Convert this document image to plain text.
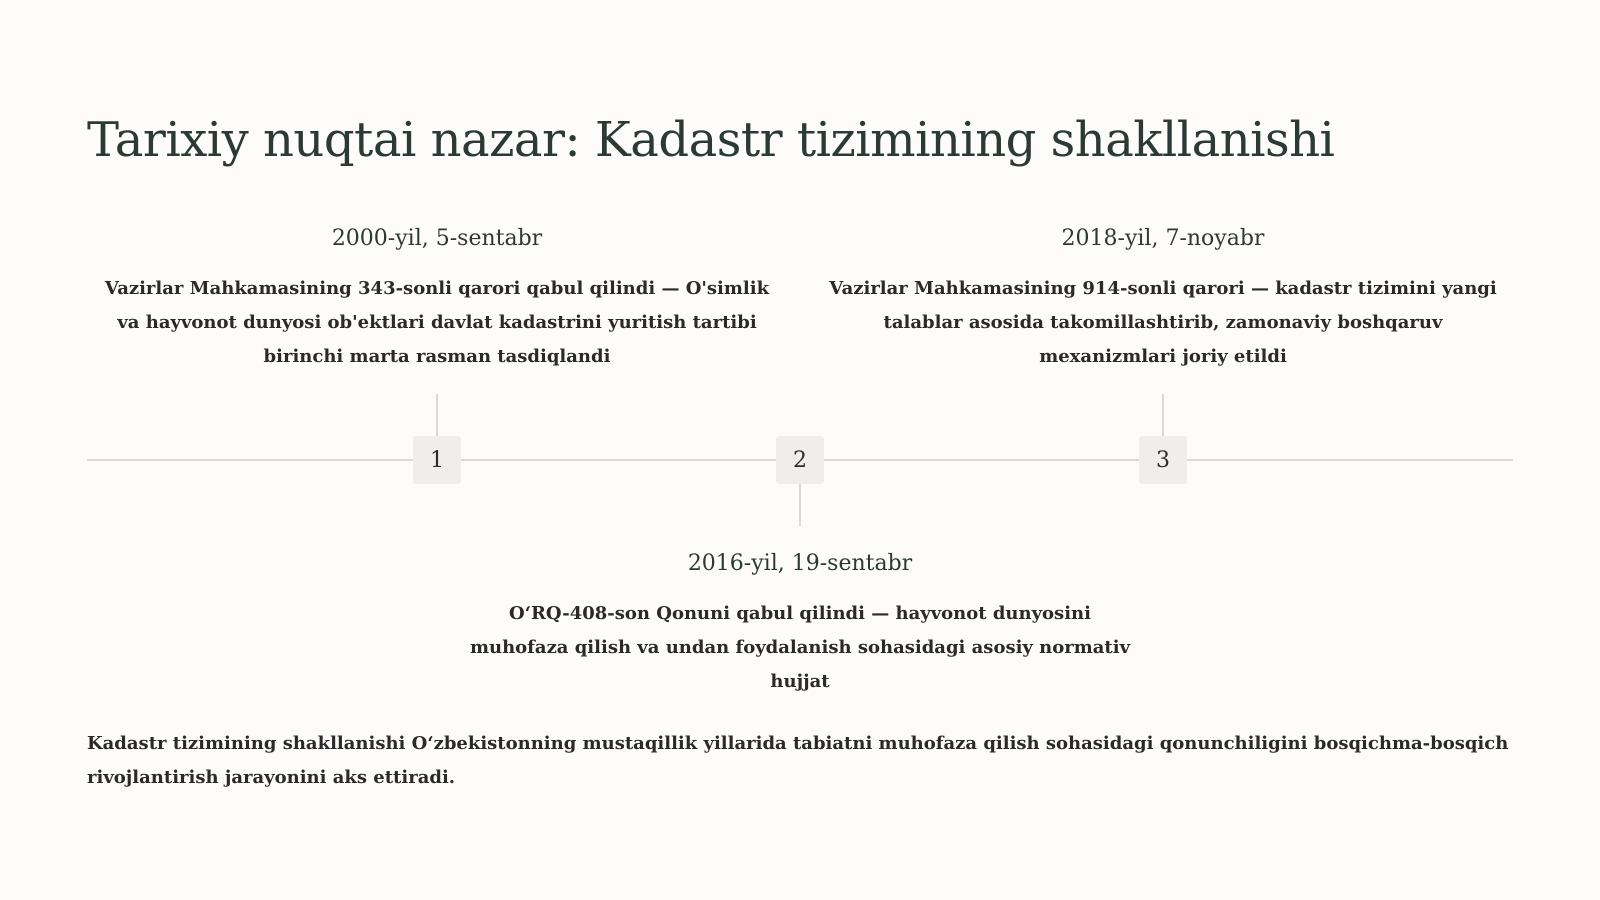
Tarixiy nuqtai nazar: Kadastr tizimining shakllanishi
1	2	3
2000-yil, 5-sentabr
Vazirlar Mahkamasining 343-sonli qarori qabul qilindi — O'simlik va hayvonot dunyosi ob'ektlari davlat kadastrini yuritish tartibi birinchi marta rasman tasdiqlandi
2016-yil, 19-sentabr
O‘RQ-408-son Qonuni qabul qilindi — hayvonot dunyosini muhofaza qilish va undan foydalanish sohasidagi asosiy normativ hujjat
2018-yil, 7-noyabr
Vazirlar Mahkamasining 914-sonli qarori — kadastr tizimini yangi talablar asosida takomillashtirib, zamonaviy boshqaruv mexanizmlari joriy etildi

Kadastr tizimining shakllanishi O‘zbekistonning mustaqillik yillarida tabiatni muhofaza qilish sohasidagi qonunchiligini bosqichma-bosqich rivojlantirish jarayonini aks ettiradi.
